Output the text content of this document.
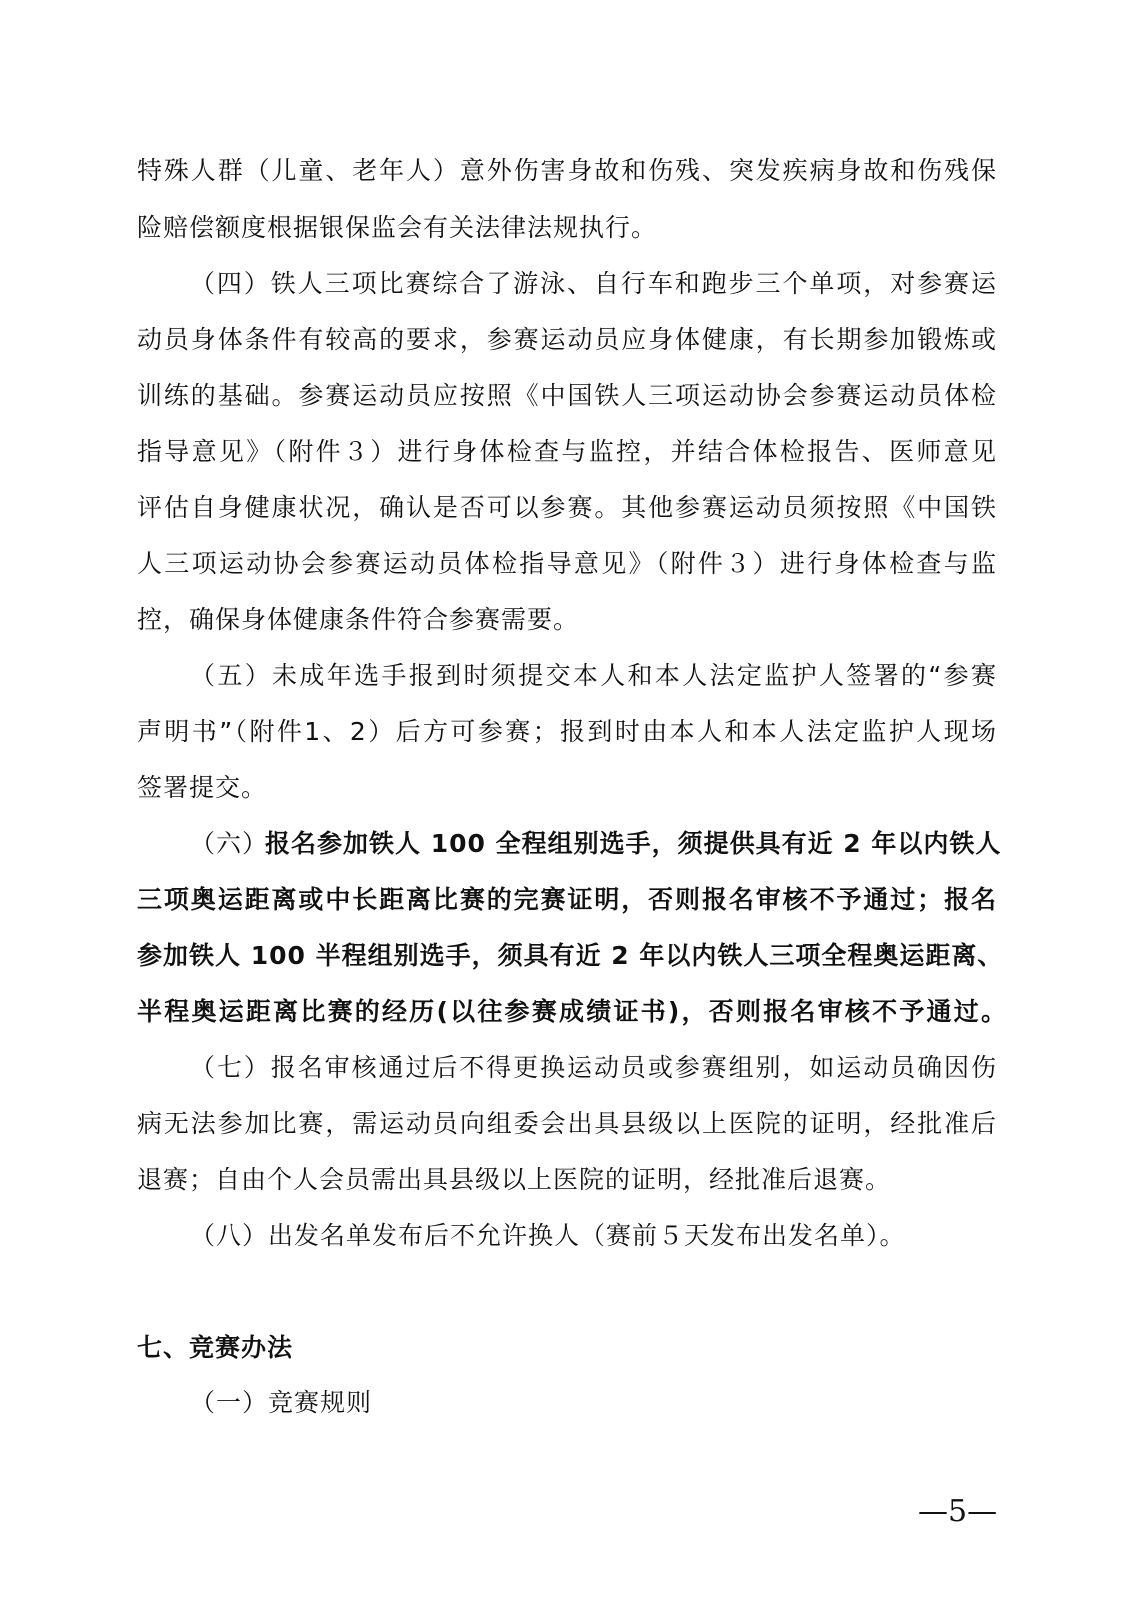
特殊人群（儿童、老年人）意外伤害身故和伤残、突发疾病身故和伤残保
险赔偿额度根据银保监会有关法律法规执行。
（四）铁人三项比赛综合了游泳、自行车和跑步三个单项，对参赛运
动员身体条件有较高的要求，参赛运动员应身体健康，有长期参加锻炼或
训练的基础。参赛运动员应按照《中国铁人三项运动协会参赛运动员体检
指导意见》（附件３）进行身体检查与监控，并结合体检报告、医师意见
评估自身健康状况，确认是否可以参赛。其他参赛运动员须按照《中国铁
人三项运动协会参赛运动员体检指导意见》（附件３）进行身体检查与监
控，确保身体健康条件符合参赛需要。
（五）未成年选手报到时须提交本人和本人法定监护人签署的“参赛
声明书”（附件1、2）后方可参赛；报到时由本人和本人法定监护人现场
签署提交。
（六）
报名参加铁人 100 全程组别选手，须提供具有近 2 年以内铁人
三项奥运距离或中长距离比赛的完赛证明，否则报名审核不予通过；报名
参加铁人 100 半程组别选手，须具有近 2 年以内铁人三项全程奥运距离、
半程奥运距离比赛的经历(以往参赛成绩证书)，否则报名审核不予通过。
（七）报名审核通过后不得更换运动员或参赛组别，如运动员确因伤
病无法参加比赛，需运动员向组委会出具县级以上医院的证明，经批准后
退赛；自由个人会员需出具县级以上医院的证明，经批准后退赛。
（八）出发名单发布后不允许换人（赛前５天发布出发名单）。
七、竞赛办法
（一）竞赛规则
—5—
